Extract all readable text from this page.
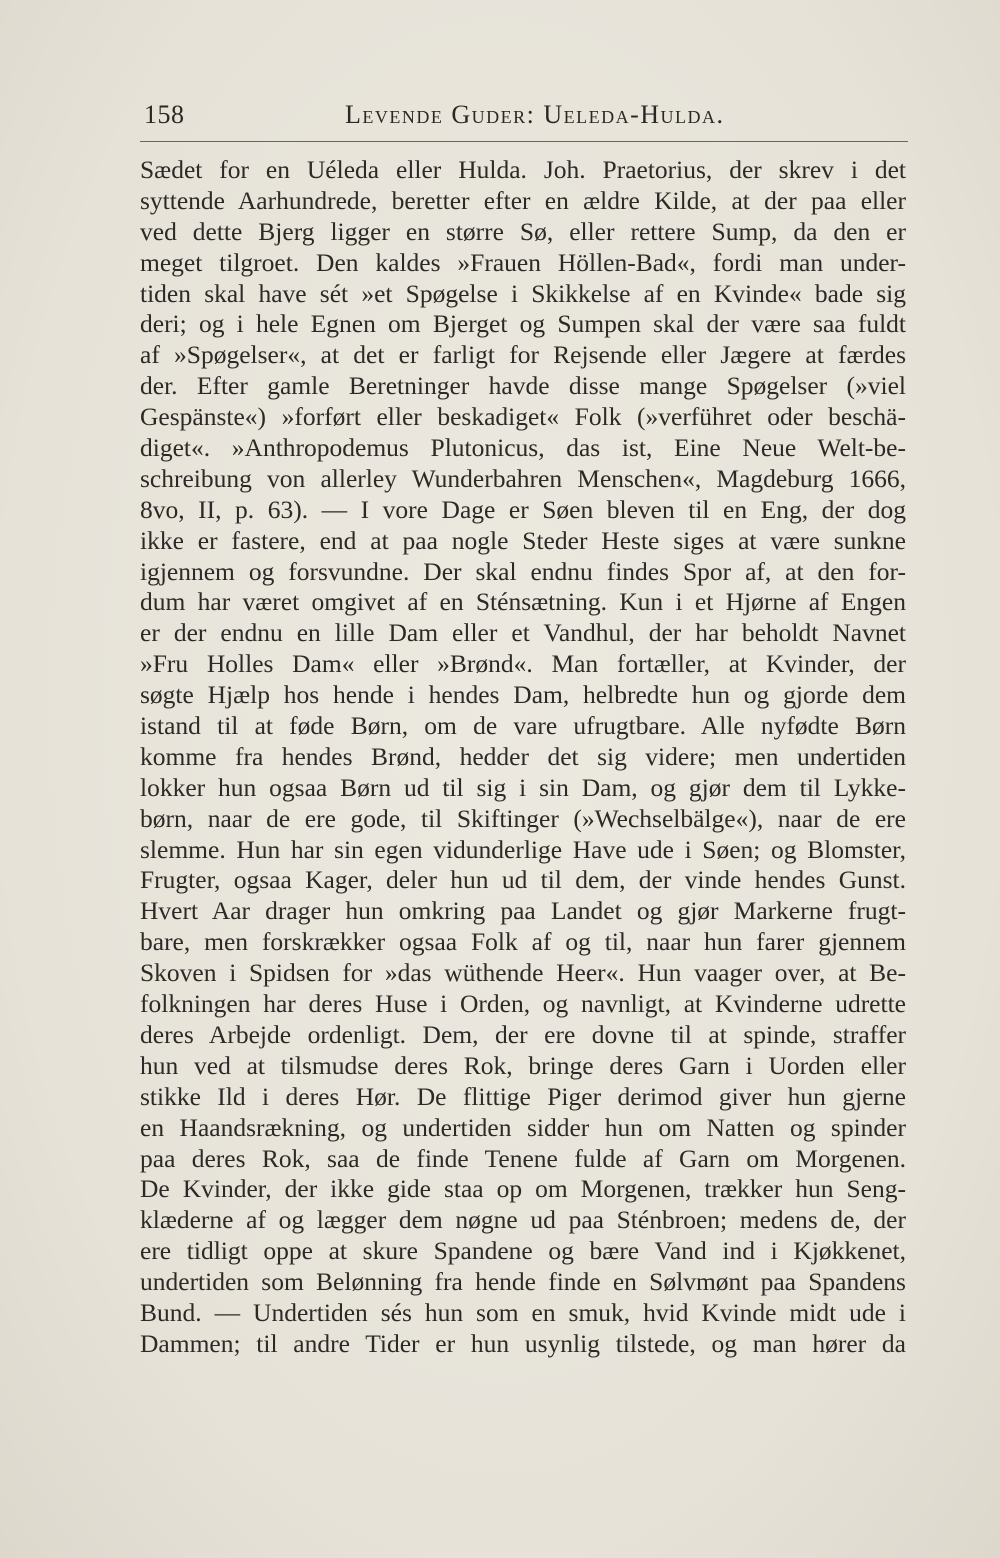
158	Levende Guder: Ueleda-Hulda.
Sædet for en Uéleda eller Hulda. Joh. Praetorius, der skrev i det
syttende Aarhundrede, beretter efter en ældre Kilde, at der paa eller
ved dette Bjerg ligger en større Sø, eller rettere Sump, da den er
meget tilgroet. Den kaldes »Frauen Höllen-Bad«, fordi man under-
tiden skal have sét »et Spøgelse i Skikkelse af en Kvinde« bade sig
deri; og i hele Egnen om Bjerget og Sumpen skal der være saa fuldt
af »Spøgelser«, at det er farligt for Rejsende eller Jægere at færdes
der. Efter gamle Beretninger havde disse mange Spøgelser (»viel
Gespänste«) »forført eller beskadiget« Folk (»verführet oder beschä-
diget«. »Anthropodemus Plutonicus, das ist, Eine Neue Welt-be-
schreibung von allerley Wunderbahren Menschen«, Magdeburg 1666,
8vo, II, p. 63). — I vore Dage er Søen bleven til en Eng, der dog
ikke er fastere, end at paa nogle Steder Heste siges at være sunkne
igjennem og forsvundne. Der skal endnu findes Spor af, at den for-
dum har været omgivet af en Sténsætning. Kun i et Hjørne af Engen
er der endnu en lille Dam eller et Vandhul, der har beholdt Navnet
»Fru Holles Dam« eller »Brønd«. Man fortæller, at Kvinder, der
søgte Hjælp hos hende i hendes Dam, helbredte hun og gjorde dem
istand til at føde Børn, om de vare ufrugtbare. Alle nyfødte Børn
komme fra hendes Brønd, hedder det sig videre; men undertiden
lokker hun ogsaa Børn ud til sig i sin Dam, og gjør dem til Lykke-
børn, naar de ere gode, til Skiftinger (»Wechselbälge«), naar de ere
slemme. Hun har sin egen vidunderlige Have ude i Søen; og Blomster,
Frugter, ogsaa Kager, deler hun ud til dem, der vinde hendes Gunst.
Hvert Aar drager hun omkring paa Landet og gjør Markerne frugt-
bare, men forskrækker ogsaa Folk af og til, naar hun farer gjennem
Skoven i Spidsen for »das wüthende Heer«. Hun vaager over, at Be-
folkningen har deres Huse i Orden, og navnligt, at Kvinderne udrette
deres Arbejde ordenligt. Dem, der ere dovne til at spinde, straffer
hun ved at tilsmudse deres Rok, bringe deres Garn i Uorden eller
stikke Ild i deres Hør. De flittige Piger derimod giver hun gjerne
en Haandsrækning, og undertiden sidder hun om Natten og spinder
paa deres Rok, saa de finde Tenene fulde af Garn om Morgenen.
De Kvinder, der ikke gide staa op om Morgenen, trækker hun Seng-
klæderne af og lægger dem nøgne ud paa Sténbroen; medens de, der
ere tidligt oppe at skure Spandene og bære Vand ind i Kjøkkenet,
undertiden som Belønning fra hende finde en Sølvmønt paa Spandens
Bund. — Undertiden sés hun som en smuk, hvid Kvinde midt ude i
Dammen; til andre Tider er hun usynlig tilstede, og man hører da
